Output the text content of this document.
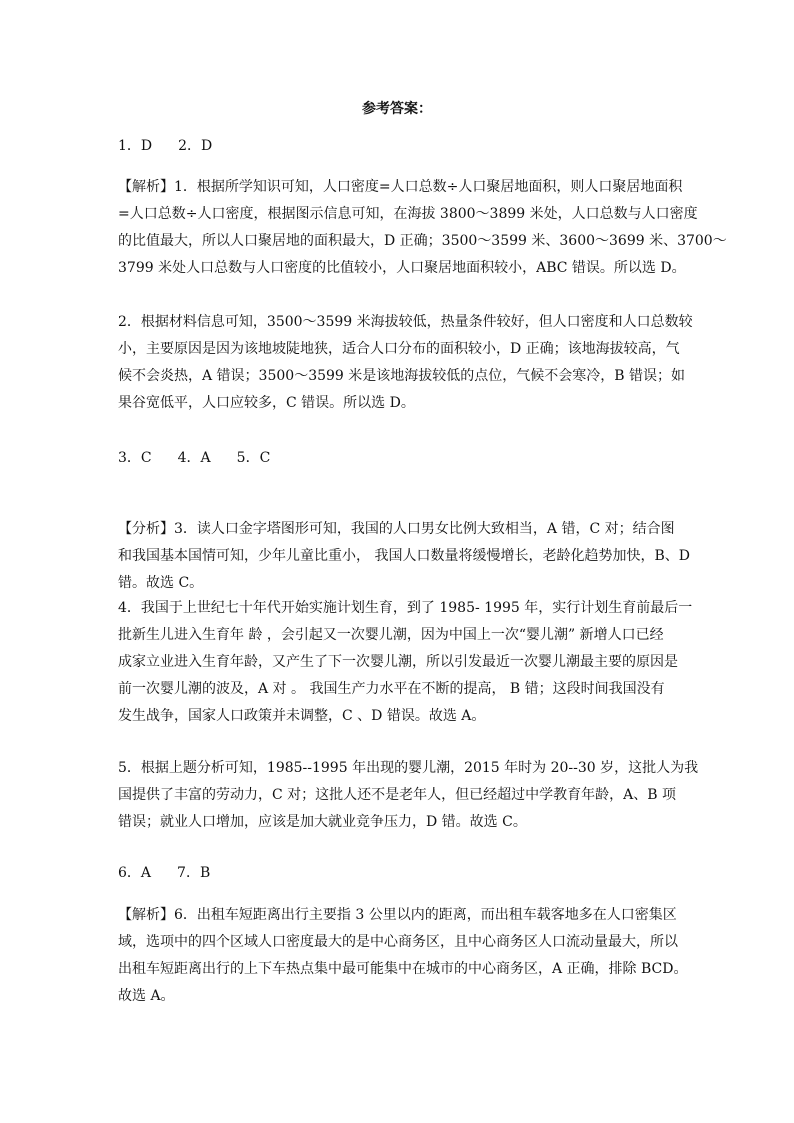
参考答案：
1．D 2．D
【解析】1．根据所学知识可知，人口密度=人口总数÷人口聚居地面积，则人口聚居地面积
=人口总数÷人口密度，根据图示信息可知，在海拔 3800～3899 米处，人口总数与人口密度
的比值最大，所以人口聚居地的面积最大，D 正确；3500～3599 米、3600～3699 米、3700～
3799 米处人口总数与人口密度的比值较小，人口聚居地面积较小，ABC 错误。所以选 D。
2．根据材料信息可知，3500～3599 米海拔较低，热量条件较好，但人口密度和人口总数较
小，主要原因是因为该地坡陡地狭，适合人口分布的面积较小，D 正确；该地海拔较高，气
候不会炎热，A 错误；3500～3599 米是该地海拔较低的点位，气候不会寒冷，B 错误；如
果谷宽低平，人口应较多，C 错误。所以选 D。
3．C 4．A 5．C
【分析】3．读人口金字塔图形可知，我国的人口男女比例大致相当，A 错，C 对；结合图
和我国基本国情可知，少年儿童比重小， 我国人口数量将缓慢增长，老龄化趋势加快，B、D
错。故选 C。
4．我国于上世纪七十年代开始实施计划生育，到了 1985- 1995 年，实行计划生育前最后一
批新生儿进入生育年 龄 ，会引起又一次婴儿潮，因为中国上一次“婴儿潮” 新增人口已经
成家立业进入生育年龄，又产生了下一次婴儿潮，所以引发最近一次婴儿潮最主要的原因是
前一次婴儿潮的波及，A 对 。 我国生产力水平在不断的提高， B 错；这段时间我国没有
发生战争，国家人口政策并未调整，C 、D 错误。故选 A。
5．根据上题分析可知，1985--1995 年出现的婴儿潮，2015 年时为 20--30 岁，这批人为我
国提供了丰富的劳动力，C 对；这批人还不是老年人，但已经超过中学教育年龄，A、B 项
错误；就业人口增加，应该是加大就业竞争压力，D 错。故选 C。
6．A 7．B
【解析】6．出租车短距离出行主要指 3 公里以内的距离，而出租车载客地多在人口密集区
域，选项中的四个区域人口密度最大的是中心商务区，且中心商务区人口流动量最大，所以
出租车短距离出行的上下车热点集中最可能集中在城市的中心商务区，A 正确，排除 BCD。
故选 A。
